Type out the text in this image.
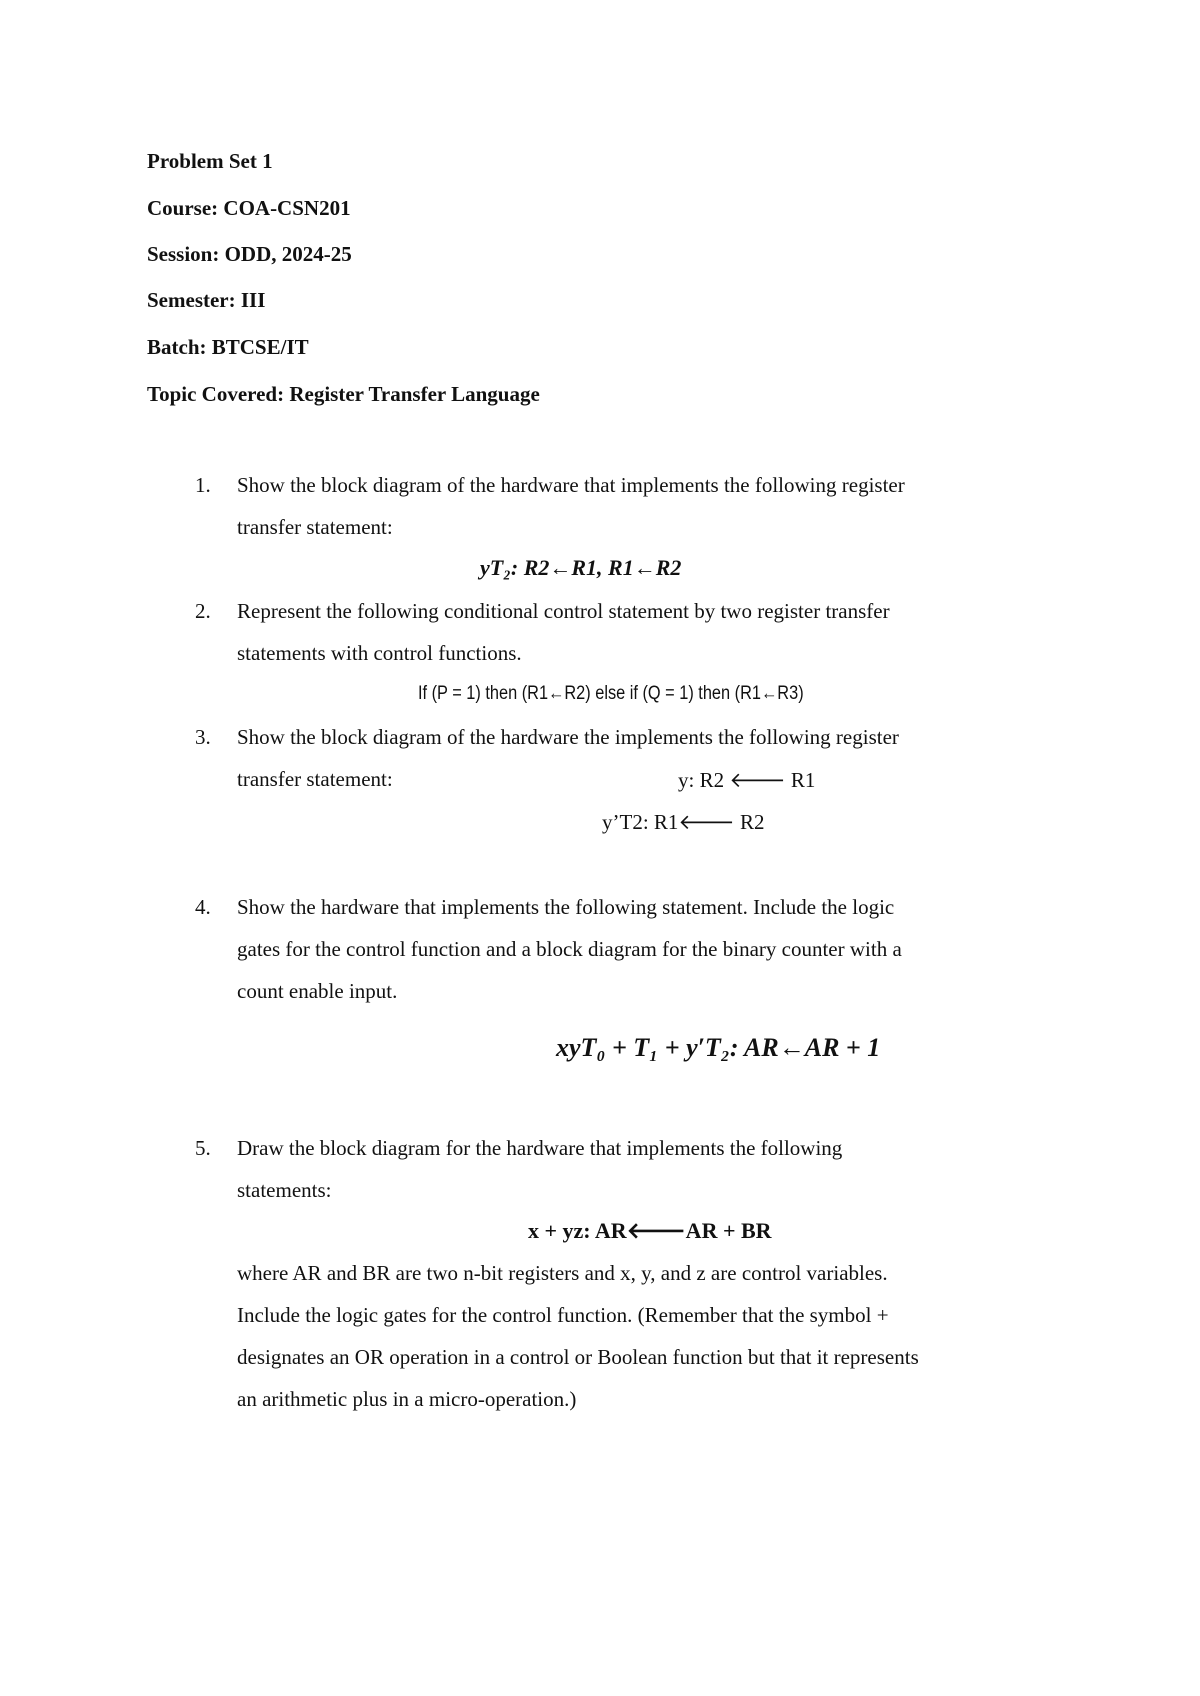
Problem Set 1
Course: COA-CSN201
Session: ODD, 2024-25
Semester: III
Batch: BTCSE/IT
Topic Covered: Register Transfer Language
1. Show the block diagram of the hardware that implements the following register
transfer statement:
yT₂: R2←R1, R1←R2
2. Represent the following conditional control statement by two register transfer
statements with control functions.
If (P = 1) then (R1←R2) else if (Q = 1) then (R1←R3)
3. Show the block diagram of the hardware the implements the following register
transfer statement:	y: R2 🡐 R1
y’T2: R1🡐 R2
4. Show the hardware that implements the following statement. Include the logic
gates for the control function and a block diagram for the binary counter with a
count enable input.
xyT₀ + T₁ + y′T₂: AR←AR + 1
5. Draw the block diagram for the hardware that implements the following
statements:
x + yz: AR🡐AR + BR
where AR and BR are two n-bit registers and x, y, and z are control variables.
Include the logic gates for the control function. (Remember that the symbol +
designates an OR operation in a control or Boolean function but that it represents
an arithmetic plus in a micro-operation.)
